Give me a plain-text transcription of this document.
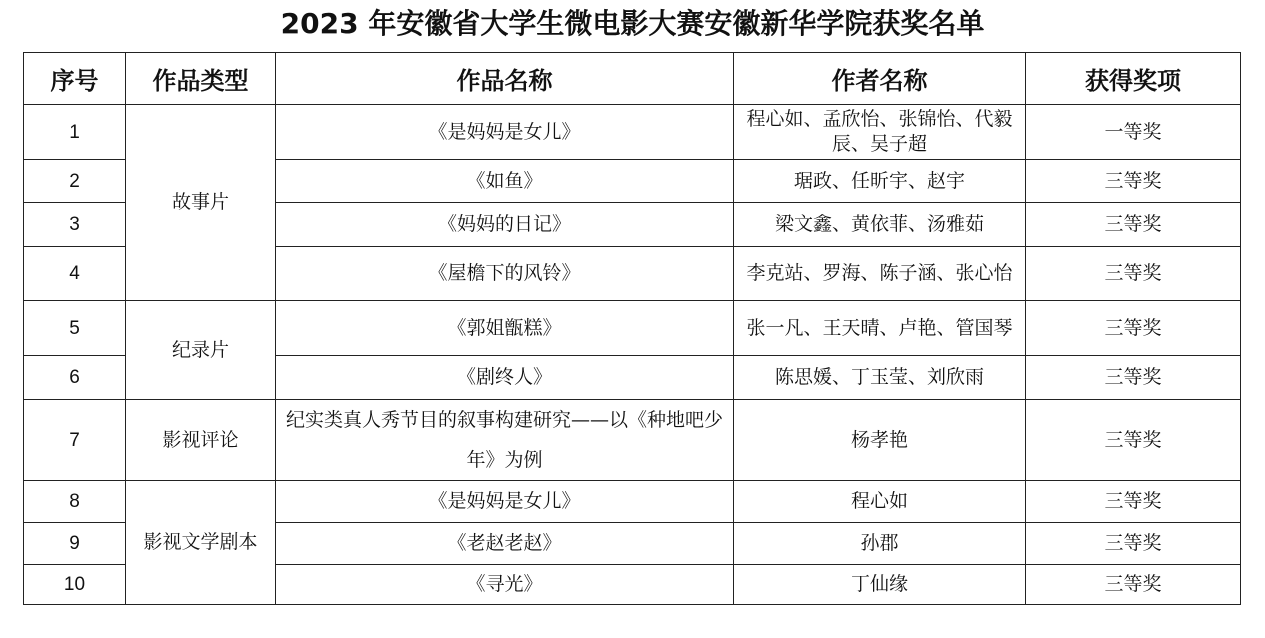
2023 年安徽省大学生微电影大赛安徽新华学院获奖名单
序号	作品类型	作品名称	作者名称	获得奖项
1	故事片	《是妈妈是女儿》	程心如、孟欣怡、张锦怡、代毅辰、吴子超	一等奖
2		《如鱼》	琚政、任昕宇、赵宇	三等奖
3		《妈妈的日记》	梁文鑫、黄依菲、汤雅茹	三等奖
4		《屋檐下的风铃》	李克站、罗海、陈子涵、张心怡	三等奖
5	纪录片	《郭姐甑糕》	张一凡、王天晴、卢艳、管国琴	三等奖
6		《剧终人》	陈思媛、丁玉莹、刘欣雨	三等奖
7	影视评论	纪实类真人秀节目的叙事构建研究——以《种地吧少年》为例	杨孝艳	三等奖
8	影视文学剧本	《是妈妈是女儿》	程心如	三等奖
9		《老赵老赵》	孙郡	三等奖
10		《寻光》	丁仙缘	三等奖
